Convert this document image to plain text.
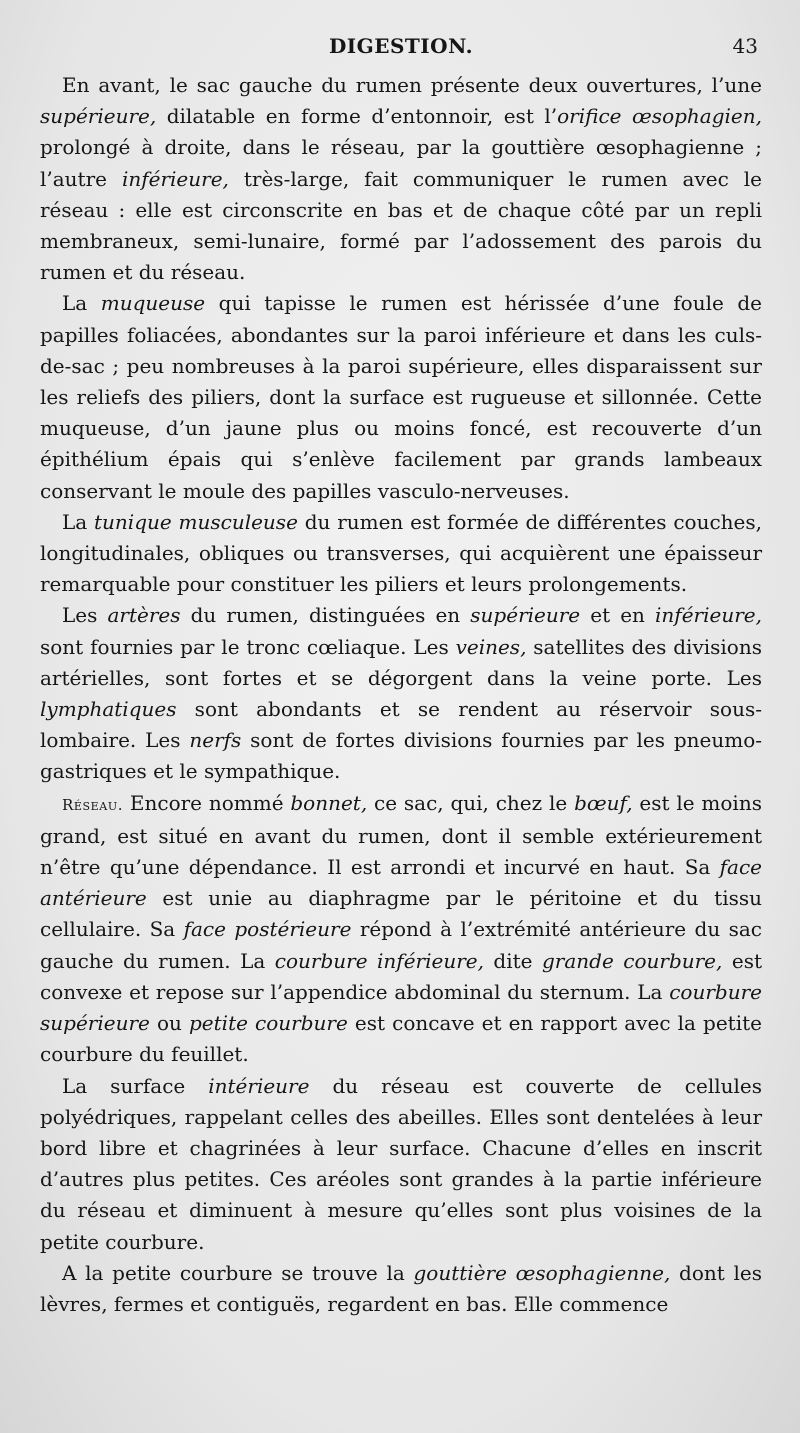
DIGESTION.	43

En avant, le sac gauche du rumen présente deux ouvertures, l’une supérieure, dilatable en forme d’entonnoir, est l’orifice œsophagien, prolongé à droite, dans le réseau, par la gouttière œsophagienne ; l’autre inférieure, très-large, fait communiquer le rumen avec le réseau : elle est circonscrite en bas et de chaque côté par un repli membraneux, semi-lunaire, formé par l’adossement des parois du rumen et du réseau.

La muqueuse qui tapisse le rumen est hérissée d’une foule de papilles foliacées, abondantes sur la paroi inférieure et dans les culs-de-sac ; peu nombreuses à la paroi supérieure, elles disparaissent sur les reliefs des piliers, dont la surface est rugueuse et sillonnée. Cette muqueuse, d’un jaune plus ou moins foncé, est recouverte d’un épithélium épais qui s’enlève facilement par grands lambeaux conservant le moule des papilles vasculo-nerveuses.

La tunique musculeuse du rumen est formée de différentes couches, longitudinales, obliques ou transverses, qui acquièrent une épaisseur remarquable pour constituer les piliers et leurs prolongements.

Les artères du rumen, distinguées en supérieure et en inférieure, sont fournies par le tronc cœliaque. Les veines, satellites des divisions artérielles, sont fortes et se dégorgent dans la veine porte. Les lymphatiques sont abondants et se rendent au réservoir sous-lombaire. Les nerfs sont de fortes divisions fournies par les pneumo-gastriques et le sympathique.

Réseau. Encore nommé bonnet, ce sac, qui, chez le bœuf, est le moins grand, est situé en avant du rumen, dont il semble extérieurement n’être qu’une dépendance. Il est arrondi et incurvé en haut. Sa face antérieure est unie au diaphragme par le péritoine et du tissu cellulaire. Sa face postérieure répond à l’extrémité antérieure du sac gauche du rumen. La courbure inférieure, dite grande courbure, est convexe et repose sur l’appendice abdominal du sternum. La courbure supérieure ou petite courbure est concave et en rapport avec la petite courbure du feuillet.

La surface intérieure du réseau est couverte de cellules polyédriques, rappelant celles des abeilles. Elles sont dentelées à leur bord libre et chagrinées à leur surface. Chacune d’elles en inscrit d’autres plus petites. Ces aréoles sont grandes à la partie inférieure du réseau et diminuent à mesure qu’elles sont plus voisines de la petite courbure.

A la petite courbure se trouve la gouttière œsophagienne, dont les lèvres, fermes et contiguës, regardent en bas. Elle commence
